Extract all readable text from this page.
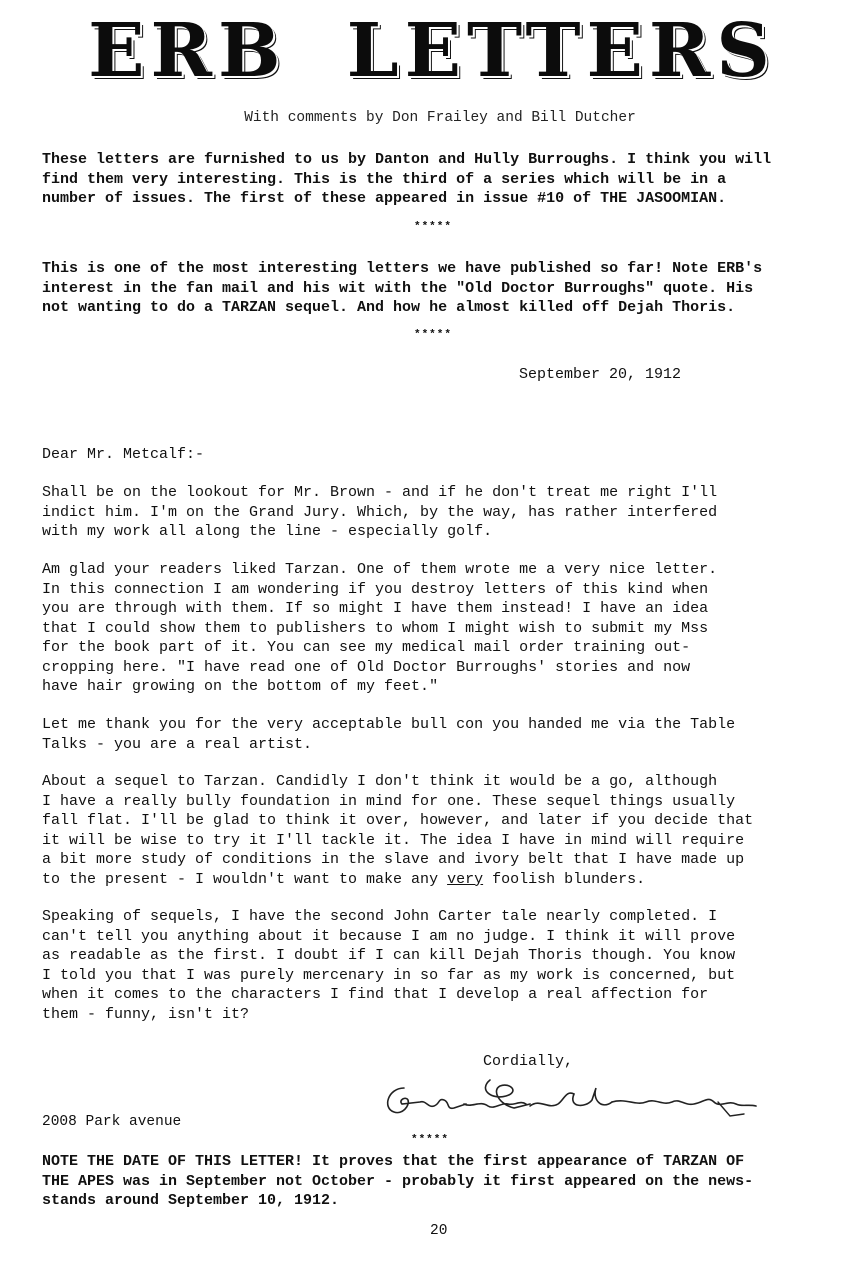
ERB LETTERS
With comments by Don Frailey and Bill Dutcher
These letters are furnished to us by Danton and Hully Burroughs. I think you will
find them very interesting. This is the third of a series which will be in a
number of issues. The first of these appeared in issue #10 of THE JASOOMIAN.
*****
This is one of the most interesting letters we have published so far! Note ERB's
interest in the fan mail and his wit with the "Old Doctor Burroughs" quote. His
not wanting to do a TARZAN sequel. And how he almost killed off Dejah Thoris.
*****
September 20, 1912
Dear Mr. Metcalf:-
Shall be on the lookout for Mr. Brown - and if he don't treat me right I'll
indict him. I'm on the Grand Jury. Which, by the way, has rather interfered
with my work all along the line - especially golf.
Am glad your readers liked Tarzan. One of them wrote me a very nice letter.
In this connection I am wondering if you destroy letters of this kind when
you are through with them. If so might I have them instead! I have an idea
that I could show them to publishers to whom I might wish to submit my Mss
for the book part of it. You can see my medical mail order training out-
cropping here. "I have read one of Old Doctor Burroughs' stories and now
have hair growing on the bottom of my feet."
Let me thank you for the very acceptable bull con you handed me via the Table
Talks - you are a real artist.
About a sequel to Tarzan. Candidly I don't think it would be a go, although
I have a really bully foundation in mind for one. These sequel things usually
fall flat. I'll be glad to think it over, however, and later if you decide that
it will be wise to try it I'll tackle it. The idea I have in mind will require
a bit more study of conditions in the slave and ivory belt that I have made up
to the present - I wouldn't want to make any very foolish blunders.
Speaking of sequels, I have the second John Carter tale nearly completed. I
can't tell you anything about it because I am no judge. I think it will prove
as readable as the first. I doubt if I can kill Dejah Thoris though. You know
I told you that I was purely mercenary in so far as my work is concerned, but
when it comes to the characters I find that I develop a real affection for
them - funny, isn't it?
Cordially,
2008 Park avenue
*****
NOTE THE DATE OF THIS LETTER! It proves that the first appearance of TARZAN OF
THE APES was in September not October - probably it first appeared on the news-
stands around September 10, 1912.
20
